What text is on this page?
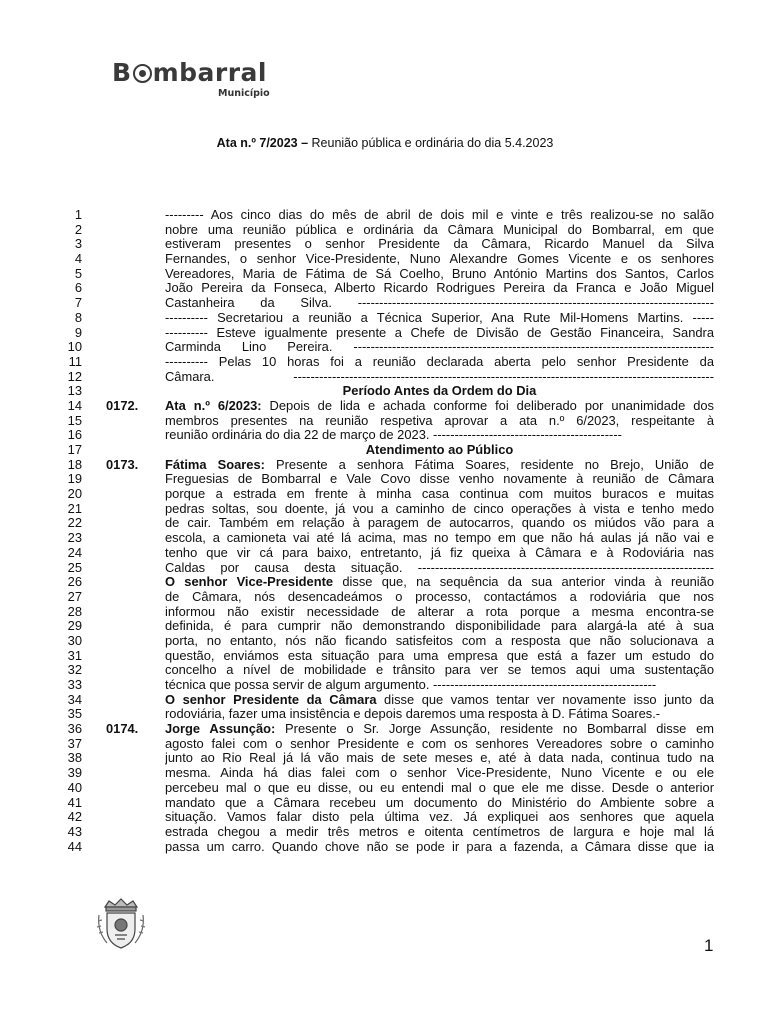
B mbarral
Município
Ata n.º 7/2023 – Reunião pública e ordinária do dia 5.4.2023
1	--------- Aos cinco dias do mês de abril de dois mil e vinte e três realizou-se no salão
2	nobre uma reunião pública e ordinária da Câmara Municipal do Bombarral, em que
3	estiveram presentes o senhor Presidente da Câmara, Ricardo Manuel da Silva
4	Fernandes, o senhor Vice-Presidente, Nuno Alexandre Gomes Vicente e os senhores
5	Vereadores, Maria de Fátima de Sá Coelho, Bruno António Martins dos Santos, Carlos
6	João Pereira da Fonseca, Alberto Ricardo Rodrigues Pereira da Franca e João Miguel
7	Castanheira da Silva. -----------------------------------------------------------------------------------
8	---------- Secretariou a reunião a Técnica Superior, Ana Rute Mil-Homens Martins. -----
9	---------- Esteve igualmente presente a Chefe de Divisão de Gestão Financeira, Sandra
10	Carminda Lino Pereira. ------------------------------------------------------------------------------------
11	---------- Pelas 10 horas foi a reunião declarada aberta pelo senhor Presidente da
12	Câmara. --------------------------------------------------------------------------------------------------
13	Período Antes da Ordem do Dia
14 0172. Ata n.º 6/2023: Depois de lida e achada conforme foi deliberado por unanimidade dos
15	membros presentes na reunião respetiva aprovar a ata n.º 6/2023, respeitante à
16	reunião ordinária do dia 22 de março de 2023. --------------------------------------------
17	Atendimento ao Público
18 0173. Fátima Soares: Presente a senhora Fátima Soares, residente no Brejo, União de
19	Freguesias de Bombarral e Vale Covo disse venho novamente à reunião de Câmara
20	porque a estrada em frente à minha casa continua com muitos buracos e muitas
21	pedras soltas, sou doente, já vou a caminho de cinco operações à vista e tenho medo
22	de cair. Também em relação à paragem de autocarros, quando os miúdos vão para a
23	escola, a camioneta vai até lá acima, mas no tempo em que não há aulas já não vai e
24	tenho que vir cá para baixo, entretanto, já fiz queixa à Câmara e à Rodoviária nas
25	Caldas por causa desta situação. ---------------------------------------------------------------------
26	O senhor Vice-Presidente disse que, na sequência da sua anterior vinda à reunião
27	de Câmara, nós desencadeámos o processo, contactámos a rodoviária que nos
28	informou não existir necessidade de alterar a rota porque a mesma encontra-se
29	definida, é para cumprir não demonstrando disponibilidade para alargá-la até à sua
30	porta, no entanto, nós não ficando satisfeitos com a resposta que não solucionava a
31	questão, enviámos esta situação para uma empresa que está a fazer um estudo do
32	concelho a nível de mobilidade e trânsito para ver se temos aqui uma sustentação
33	técnica que possa servir de algum argumento. ----------------------------------------------------
34	O senhor Presidente da Câmara disse que vamos tentar ver novamente isso junto da
35	rodoviária, fazer uma insistência e depois daremos uma resposta à D. Fátima Soares.-
36 0174. Jorge Assunção: Presente o Sr. Jorge Assunção, residente no Bombarral disse em
37	agosto falei com o senhor Presidente e com os senhores Vereadores sobre o caminho
38	junto ao Rio Real já lá vão mais de sete meses e, até à data nada, continua tudo na
39	mesma. Ainda há dias falei com o senhor Vice-Presidente, Nuno Vicente e ou ele
40	percebeu mal o que eu disse, ou eu entendi mal o que ele me disse. Desde o anterior
41	mandato que a Câmara recebeu um documento do Ministério do Ambiente sobre a
42	situação. Vamos falar disto pela última vez. Já expliquei aos senhores que aquela
43	estrada chegou a medir três metros e oitenta centímetros de largura e hoje mal lá
44	passa um carro. Quando chove não se pode ir para a fazenda, a Câmara disse que ia
1
